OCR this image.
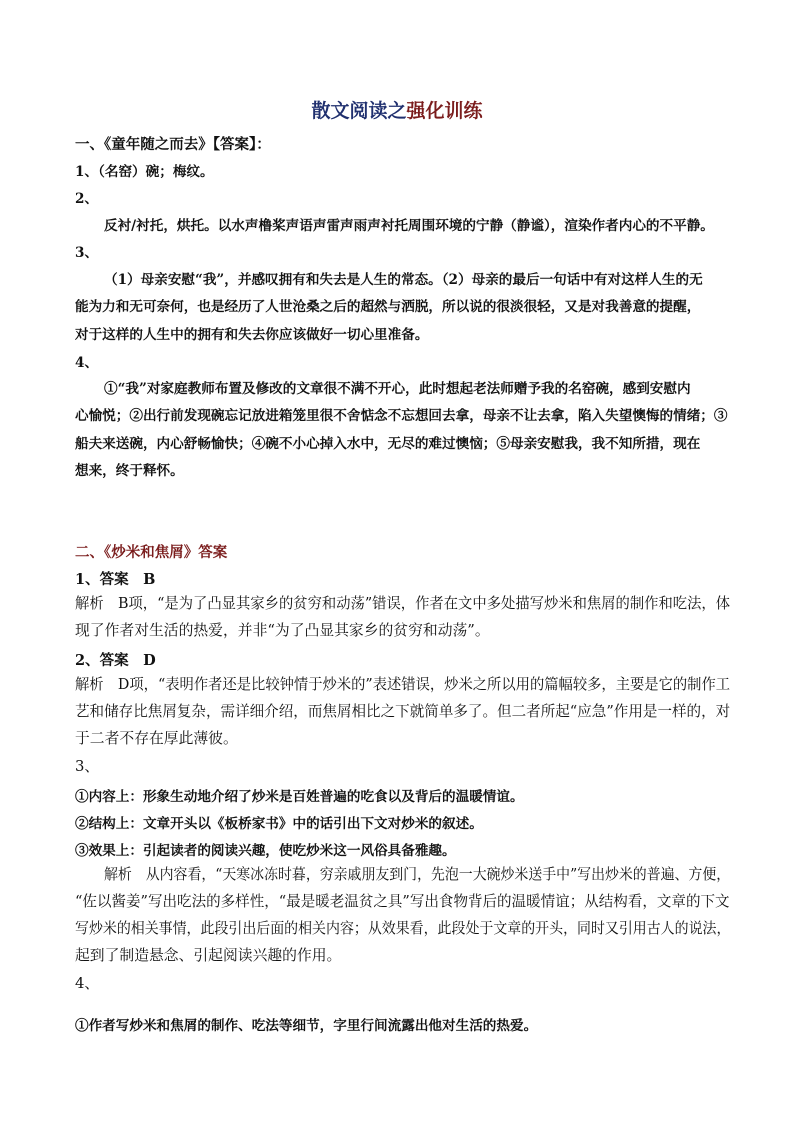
散文阅读之强化训练
一、《童年随之而去》【答案】：
1、（名窑）碗；梅纹。
2、
反衬/衬托，烘托。以水声橹桨声语声雷声雨声衬托周围环境的宁静（静谧），渲染作者内心的不平静。
3、
（1）母亲安慰“我”，并感叹拥有和失去是人生的常态。（2）母亲的最后一句话中有对这样人生的无
能为力和无可奈何，也是经历了人世沧桑之后的超然与洒脱，所以说的很淡很轻，又是对我善意的提醒，
对于这样的人生中的拥有和失去你应该做好一切心里准备。
4、
①“我”对家庭教师布置及修改的文章很不满不开心，此时想起老法师赠予我的名窑碗，感到安慰内
心愉悦；②出行前发现碗忘记放进箱笼里很不舍惦念不忘想回去拿，母亲不让去拿，陷入失望懊悔的情绪；③
船夫来送碗，内心舒畅愉快；④碗不小心掉入水中，无尽的难过懊恼；⑤母亲安慰我，我不知所措，现在
想来，终于释怀。
二、《炒米和焦屑》答案
1、答案　B
解析　B项，“是为了凸显其家乡的贫穷和动荡”错误，作者在文中多处描写炒米和焦屑的制作和吃法，体
现了作者对生活的热爱，并非“为了凸显其家乡的贫穷和动荡”。
2、答案　D
解析　D项，“表明作者还是比较钟情于炒米的”表述错误，炒米之所以用的篇幅较多，主要是它的制作工
艺和储存比焦屑复杂，需详细介绍，而焦屑相比之下就简单多了。但二者所起“应急”作用是一样的，对
于二者不存在厚此薄彼。
3、
①内容上：形象生动地介绍了炒米是百姓普遍的吃食以及背后的温暖情谊。
②结构上：文章开头以《板桥家书》中的话引出下文对炒米的叙述。
③效果上：引起读者的阅读兴趣，使吃炒米这一风俗具备雅趣。
解析　从内容看，“天寒冰冻时暮，穷亲戚朋友到门，先泡一大碗炒米送手中”写出炒米的普遍、方便，
“佐以酱姜”写出吃法的多样性，“最是暖老温贫之具”写出食物背后的温暖情谊；从结构看，文章的下文
写炒米的相关事情，此段引出后面的相关内容；从效果看，此段处于文章的开头，同时又引用古人的说法，
起到了制造悬念、引起阅读兴趣的作用。
4、
①作者写炒米和焦屑的制作、吃法等细节，字里行间流露出他对生活的热爱。
